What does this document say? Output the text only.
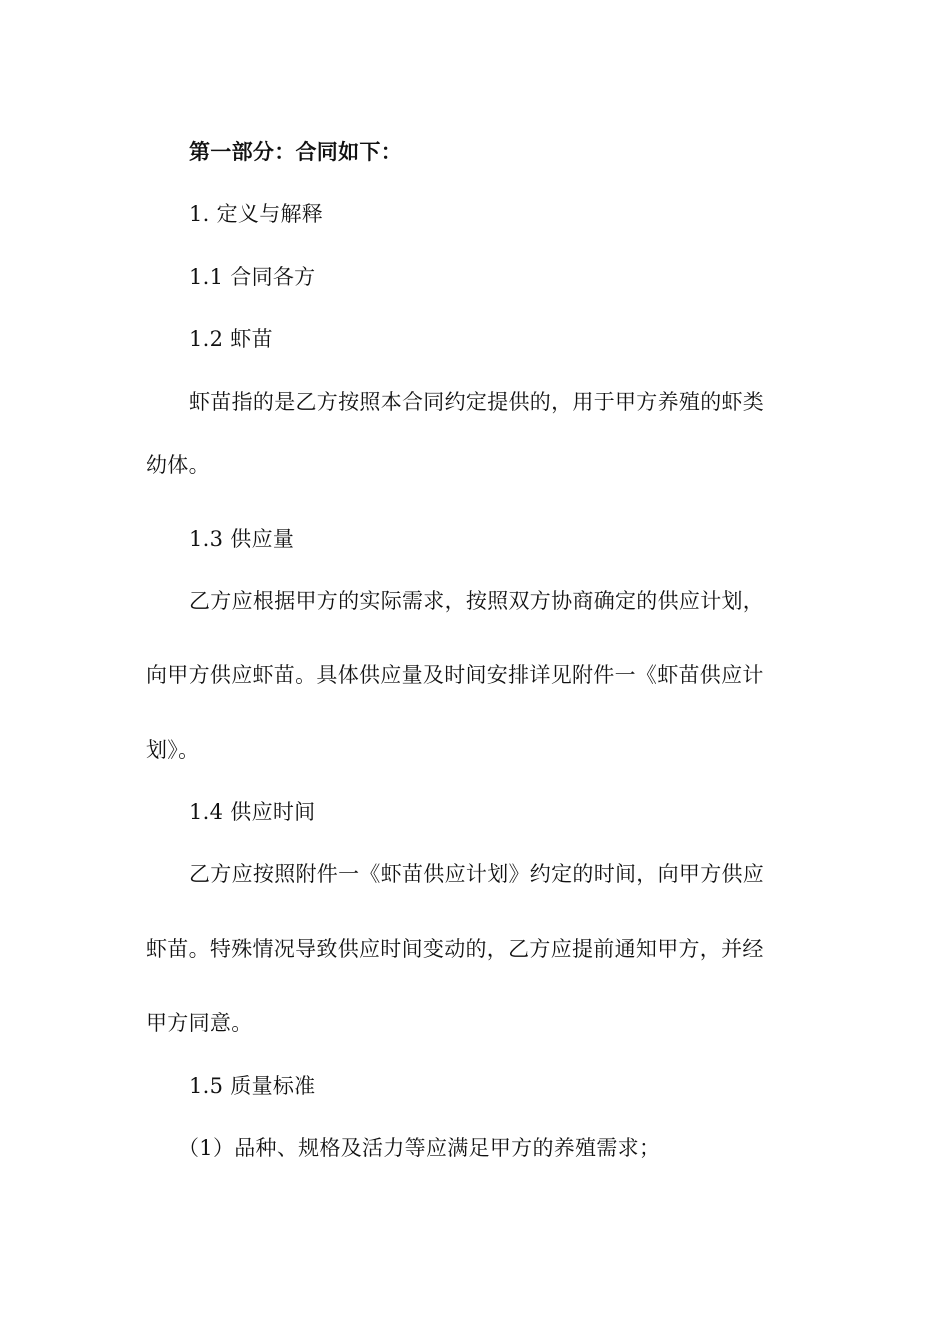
第一部分：合同如下：
1. 定义与解释
1.1 合同各方
1.2 虾苗
虾苗指的是乙方按照本合同约定提供的，用于甲方养殖的虾类
幼体。
1.3 供应量
乙方应根据甲方的实际需求，按照双方协商确定的供应计划，
向甲方供应虾苗。具体供应量及时间安排详见附件一《虾苗供应计
划》。
1.4 供应时间
乙方应按照附件一《虾苗供应计划》约定的时间，向甲方供应
虾苗。特殊情况导致供应时间变动的，乙方应提前通知甲方，并经
甲方同意。
1.5 质量标准
（1）品种、规格及活力等应满足甲方的养殖需求；
